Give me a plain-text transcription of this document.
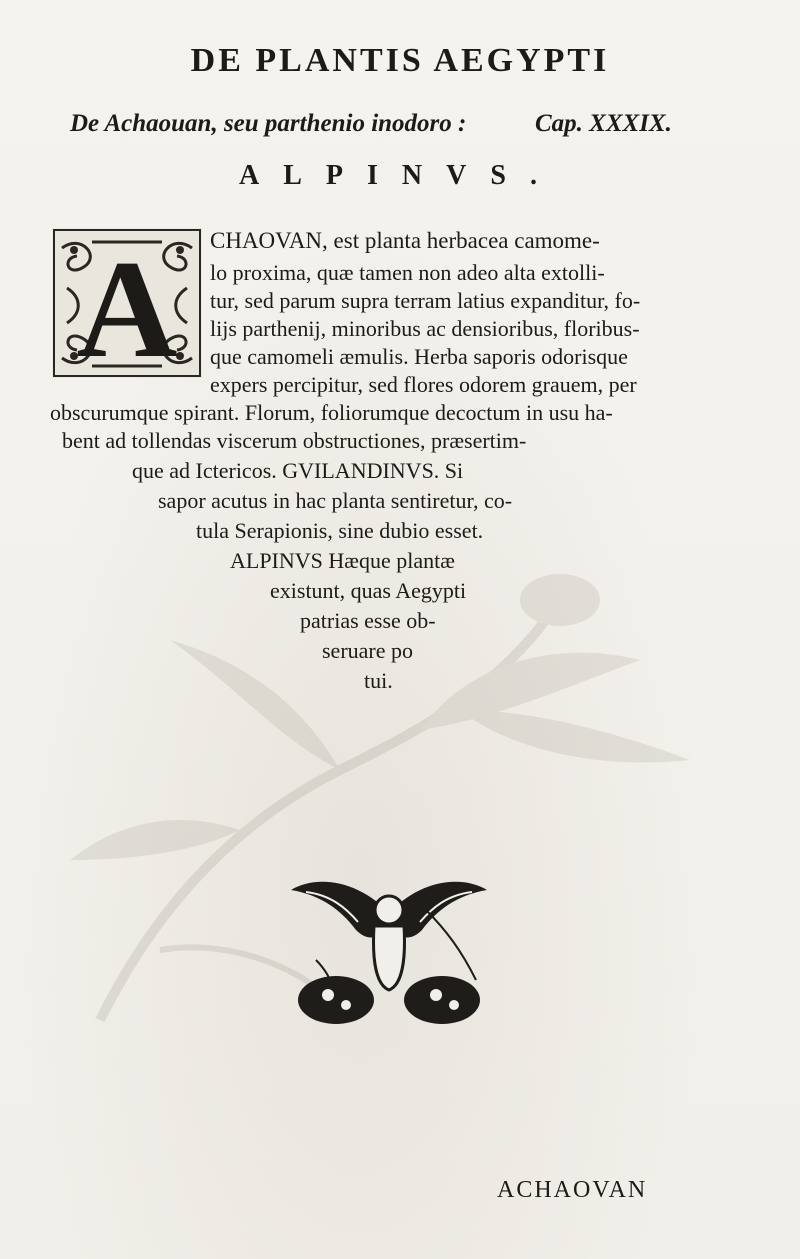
DE PLANTIS AEGYPTI
De Achaouan, seu parthenio inodoro :	Cap. XXXIX.
ALPINVS.
A CHAOVAN, est planta herbacea camome-
lo proxima, quæ tamen non adeo alta extolli-
tur, sed parum supra terram latius expanditur, fo-
lijs parthenij, minoribus ac densioribus, floribus-
que camomeli æmulis. Herba saporis odorisque
expers percipitur, sed flores odorem grauem, per
obscurumque spirant. Florum, foliorumque decoctum in usu ha-
bent ad tollendas viscerum obstructiones, præsertim-
que ad Ictericos. GVILANDINVS. Si
sapor acutus in hac planta sentiretur, co-
tula Serapionis, sine dubio esset.
ALPINVS Hæque plantæ
existunt, quas Aegypti
patrias esse ob-
seruare po
tui.
ACHAOVAN
